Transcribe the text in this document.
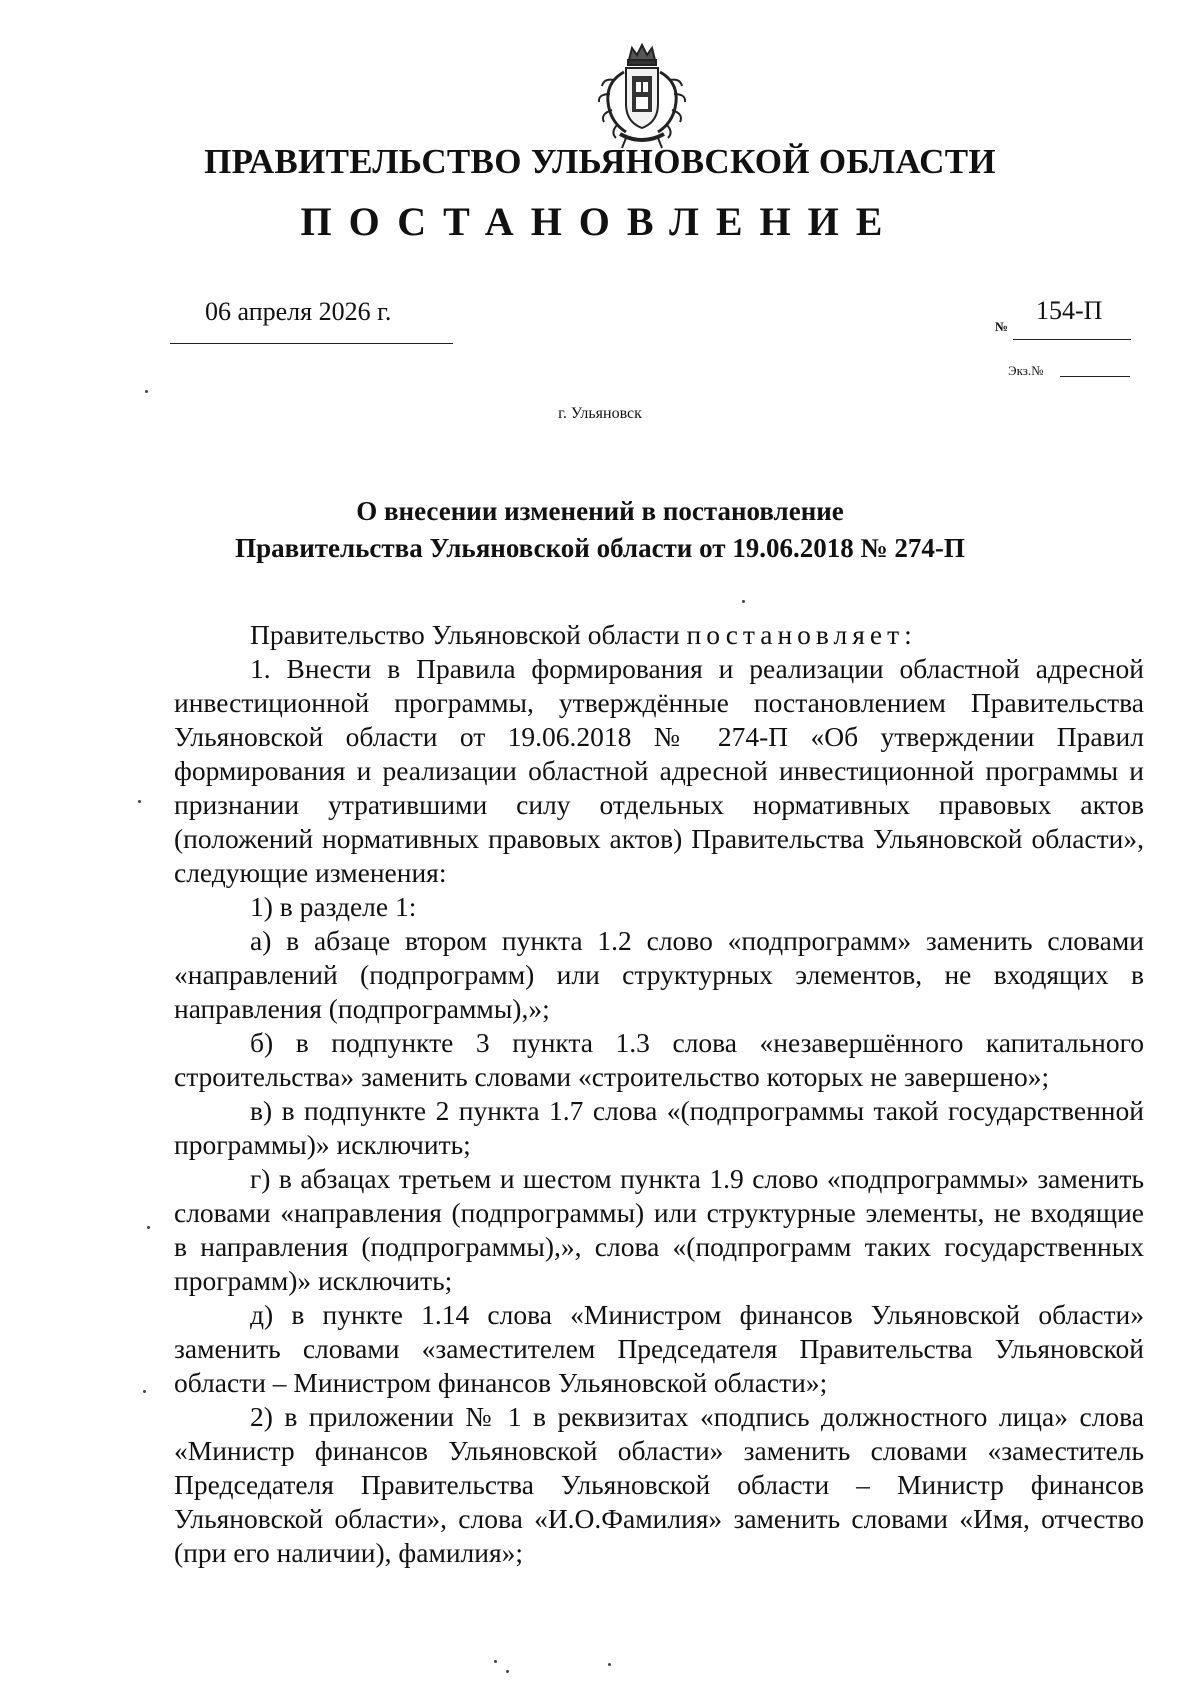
ПРАВИТЕЛЬСТВО УЛЬЯНОВСКОЙ ОБЛАСТИ
ПОСТАНОВЛЕНИЕ
06 апреля 2026 г.
№
154-П
Экз.№
г. Ульяновск
О внесении изменений в постановление
Правительства Ульяновской области от 19.06.2018 № 274-П

Правительство Ульяновской области постановляет:

1. Внести в Правила формирования и реализации областной адресной инвестиционной программы, утверждённые постановлением Правительства Ульяновской области от 19.06.2018 № 274-П «Об утверждении Правил формирования и реализации областной адресной инвестиционной программы и признании утратившими силу отдельных нормативных правовых актов (положений нормативных правовых актов) Правительства Ульяновской области», следующие изменения:

1) в разделе 1:

а) в абзаце втором пункта 1.2 слово «подпрограмм» заменить словами «направлений (подпрограмм) или структурных элементов, не входящих в направления (подпрограммы),»;

б) в подпункте 3 пункта 1.3 слова «незавершённого капитального строительства» заменить словами «строительство которых не завершено»;

в) в подпункте 2 пункта 1.7 слова «(подпрограммы такой государственной программы)» исключить;

г) в абзацах третьем и шестом пункта 1.9 слово «подпрограммы» заменить словами «направления (подпрограммы) или структурные элементы, не входящие в направления (подпрограммы),», слова «(подпрограмм таких государственных программ)» исключить;

д) в пункте 1.14 слова «Министром финансов Ульяновской области» заменить словами «заместителем Председателя Правительства Ульяновской области – Министром финансов Ульяновской области»;

2) в приложении № 1 в реквизитах «подпись должностного лица» слова «Министр финансов Ульяновской области» заменить словами «заместитель Председателя Правительства Ульяновской области – Министр финансов Ульяновской области», слова «И.О.Фамилия» заменить словами «Имя, отчество (при его наличии), фамилия»;
